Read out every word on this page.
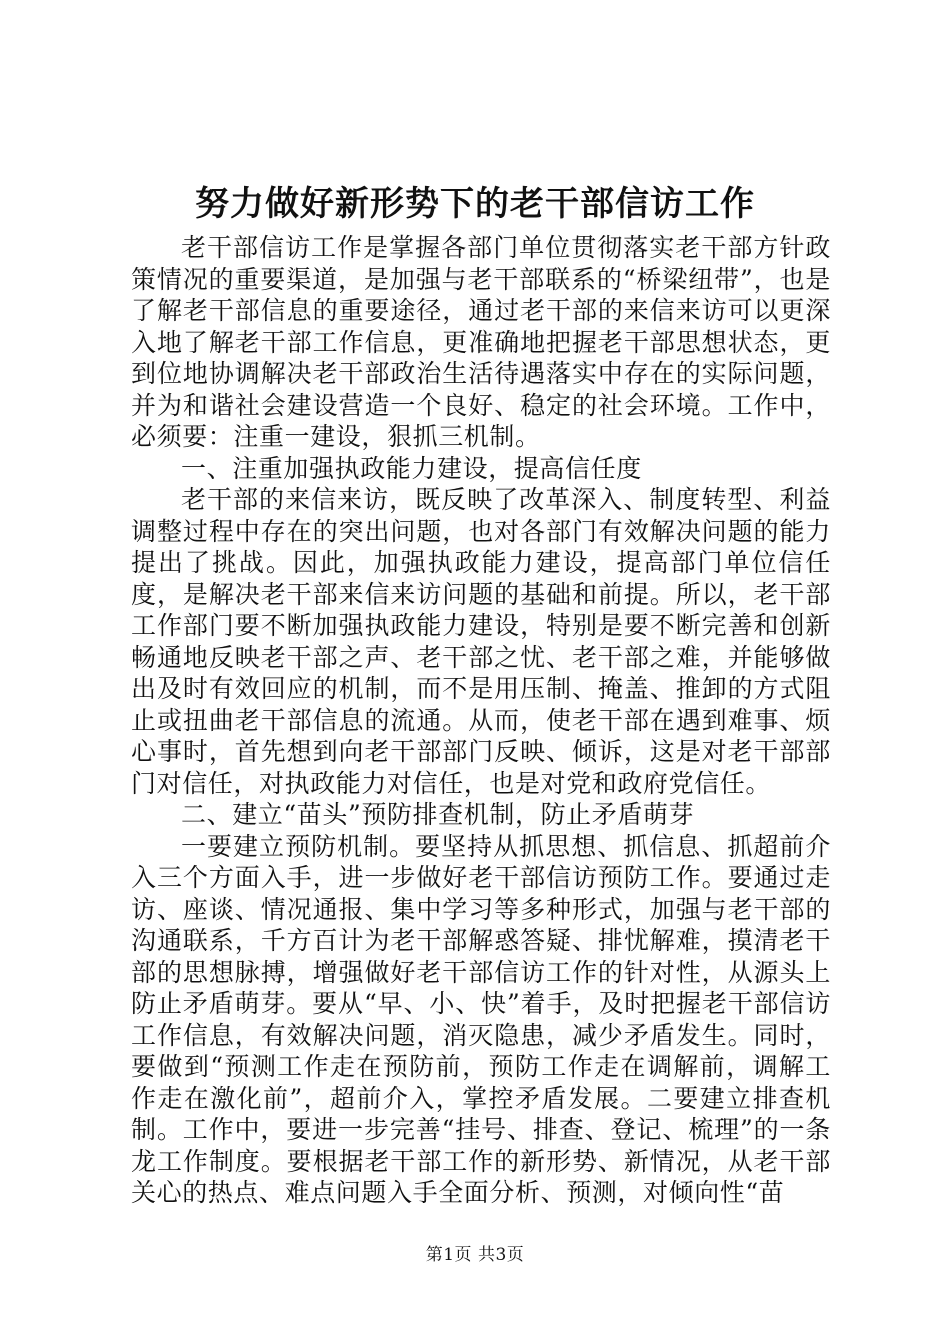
努力做好新形势下的老干部信访工作

老干部信访工作是掌握各部门单位贯彻落实老干部方针政策情况的重要渠道，是加强与老干部联系的“桥梁纽带”，也是了解老干部信息的重要途径，通过老干部的来信来访可以更深入地了解老干部工作信息，更准确地把握老干部思想状态，更到位地协调解决老干部政治生活待遇落实中存在的实际问题，并为和谐社会建设营造一个良好、稳定的社会环境。工作中，必须要：注重一建设，狠抓三机制。

一、注重加强执政能力建设，提高信任度

老干部的来信来访，既反映了改革深入、制度转型、利益调整过程中存在的突出问题，也对各部门有效解决问题的能力提出了挑战。因此，加强执政能力建设，提高部门单位信任度，是解决老干部来信来访问题的基础和前提。所以，老干部工作部门要不断加强执政能力建设，特别是要不断完善和创新畅通地反映老干部之声、老干部之忧、老干部之难，并能够做出及时有效回应的机制，而不是用压制、掩盖、推卸的方式阻止或扭曲老干部信息的流通。从而，使老干部在遇到难事、烦心事时，首先想到向老干部部门反映、倾诉，这是对老干部部门对信任，对执政能力对信任，也是对党和政府党信任。

二、建立“苗头”预防排查机制，防止矛盾萌芽

一要建立预防机制。要坚持从抓思想、抓信息、抓超前介入三个方面入手，进一步做好老干部信访预防工作。要通过走访、座谈、情况通报、集中学习等多种形式，加强与老干部的沟通联系，千方百计为老干部解惑答疑、排忧解难，摸清老干部的思想脉搏，增强做好老干部信访工作的针对性，从源头上防止矛盾萌芽。要从“早、小、快”着手，及时把握老干部信访工作信息，有效解决问题，消灭隐患，减少矛盾发生。同时，要做到“预测工作走在预防前，预防工作走在调解前，调解工作走在激化前”，超前介入，掌控矛盾发展。二要建立排查机制。工作中，要进一步完善“挂号、排查、登记、梳理”的一条龙工作制度。要根据老干部工作的新形势、新情况，从老干部关心的热点、难点问题入手全面分析、预测，对倾向性“苗

第1页 共3页
